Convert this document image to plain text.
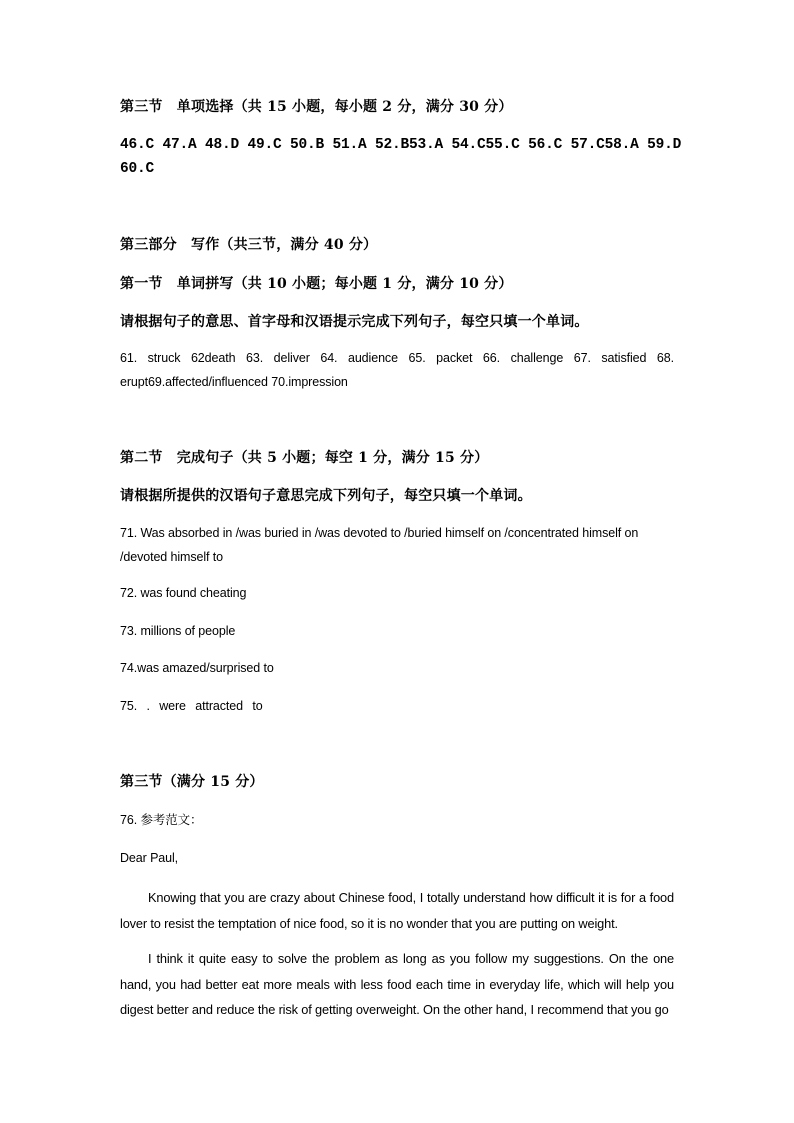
第三节　单项选择（共 15 小题，每小题 2 分，满分 30 分）
46.C 47.A 48.D 49.C 50.B 51.A 52.B53.A 54.C55.C 56.C 57.C58.A 59.D
60.C
第三部分　写作（共三节，满分 40 分）
第一节　单词拼写（共 10 小题；每小题 1 分，满分 10 分）
请根据句子的意思、首字母和汉语提示完成下列句子，每空只填一个单词。
61. struck 62death 63. deliver 64. audience 65. packet 66. challenge 67. satisfied 68. erupt69.affected/influenced 70.impression
第二节　完成句子（共 5 小题；每空 1 分，满分 15 分）
请根据所提供的汉语句子意思完成下列句子，每空只填一个单词。
71. Was absorbed in /was buried in /was devoted to /buried himself on /concentrated himself on /devoted himself to
72. was found cheating
73. millions of people
74.was amazed/surprised to
75. . were attracted to
第三节（满分 15 分）
76. 参考范文：
Dear Paul,
Knowing that you are crazy about Chinese food, I totally understand how difficult it is for a food lover to resist the temptation of nice food, so it is no wonder that you are putting on weight.
I think it quite easy to solve the problem as long as you follow my suggestions. On the one hand, you had better eat more meals with less food each time in everyday life, which will help you digest better and reduce the risk of getting overweight. On the other hand, I recommend that you go
